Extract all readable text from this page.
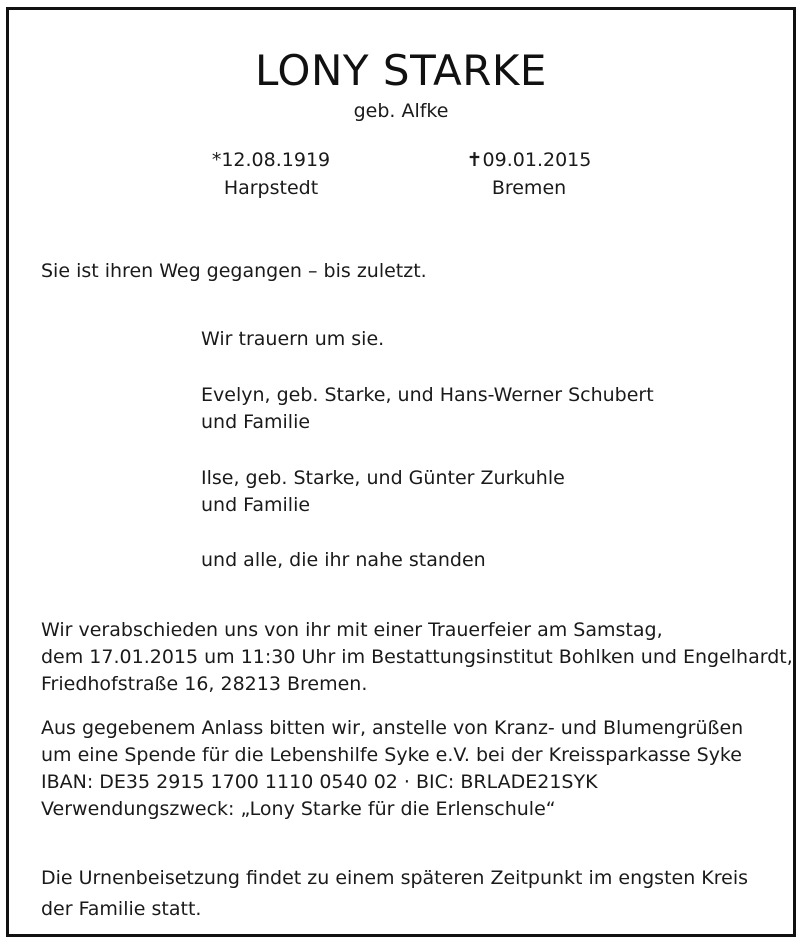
LONY STARKE
geb. Alfke
*12.08.1919
Harpstedt
✝09.01.2015
Bremen
Sie ist ihren Weg gegangen – bis zuletzt.
Wir trauern um sie.
Evelyn, geb. Starke, und Hans-Werner Schubert
und Familie
Ilse, geb. Starke, und Günter Zurkuhle
und Familie
und alle, die ihr nahe standen
Wir verabschieden uns von ihr mit einer Trauerfeier am Samstag,
dem 17.01.2015 um 11:30 Uhr im Bestattungsinstitut Bohlken und Engelhardt,
Friedhofstraße 16, 28213 Bremen.
Aus gegebenem Anlass bitten wir, anstelle von Kranz- und Blumengrüßen
um eine Spende für die Lebenshilfe Syke e.V. bei der Kreissparkasse Syke
IBAN: DE35 2915 1700 1110 0540 02 · BIC: BRLADE21SYK
Verwendungszweck: „Lony Starke für die Erlenschule“
Die Urnenbeisetzung findet zu einem späteren Zeitpunkt im engsten Kreis
der Familie statt.
